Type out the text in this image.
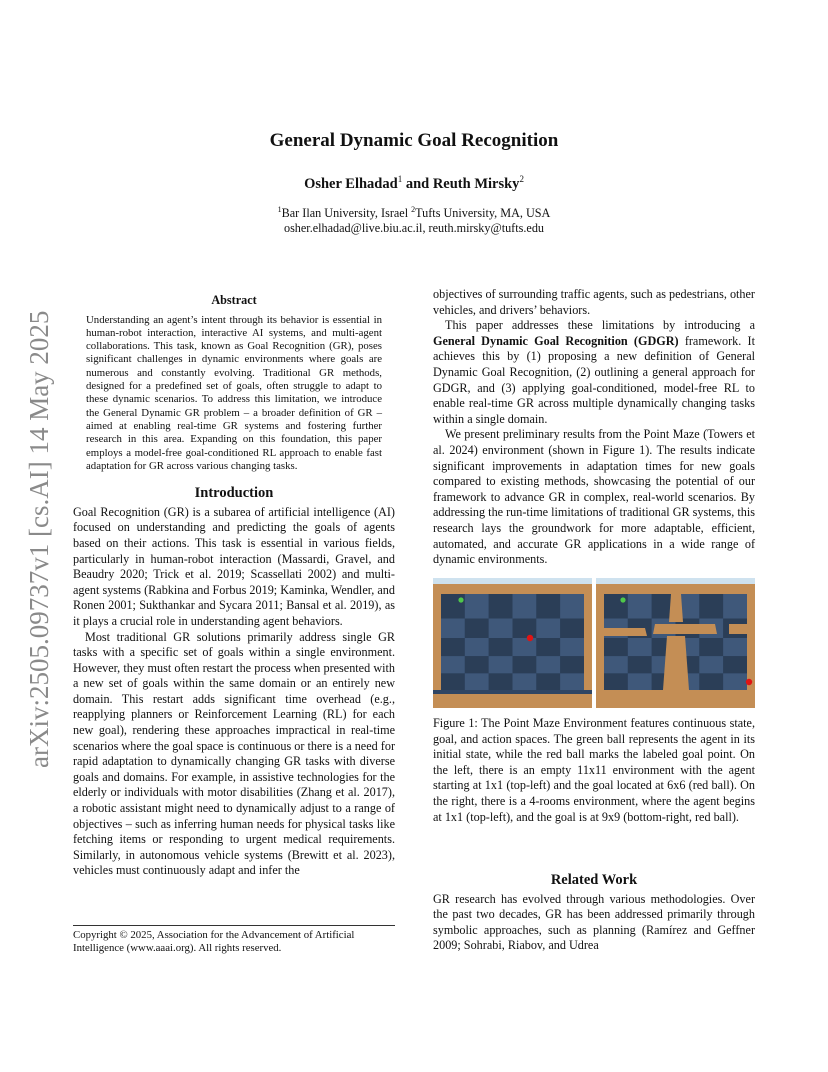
arXiv:2505.09737v1 [cs.AI] 14 May 2025
General Dynamic Goal Recognition
Osher Elhadad$^1$ and Reuth Mirsky$^2$
$^1$Bar Ilan University, Israel $^2$Tufts University, MA, USA
osher.elhadad@live.biu.ac.il, reuth.mirsky@tufts.edu
Abstract
Understanding an agent’s intent through its behavior is essential in human-robot interaction, interactive AI systems, and multi-agent collaborations. This task, known as Goal Recognition (GR), poses significant challenges in dynamic environments where goals are numerous and constantly evolving. Traditional GR methods, designed for a predefined set of goals, often struggle to adapt to these dynamic scenarios. To address this limitation, we introduce the General Dynamic GR problem – a broader definition of GR – aimed at enabling real-time GR systems and fostering further research in this area. Expanding on this foundation, this paper employs a model-free goal-conditioned RL approach to enable fast adaptation for GR across various changing tasks.
Introduction

Goal Recognition (GR) is a subarea of artificial intelligence (AI) focused on understanding and predicting the goals of agents based on their actions. This task is essential in various fields, particularly in human-robot interaction (Massardi, Gravel, and Beaudry 2020; Trick et al. 2019; Scassellati 2002) and multi-agent systems (Rabkina and Forbus 2019; Kaminka, Wendler, and Ronen 2001; Sukthankar and Sycara 2011; Bansal et al. 2019), as it plays a crucial role in understanding agent behaviors.

Most traditional GR solutions primarily address single GR tasks with a specific set of goals within a single environment. However, they must often restart the process when presented with a new set of goals within the same domain or an entirely new domain. This restart adds significant time overhead (e.g., reapplying planners or Reinforcement Learning (RL) for each new goal), rendering these approaches impractical in real-time scenarios where the goal space is continuous or there is a need for rapid adaptation to dynamically changing GR tasks with diverse goals and domains. For example, in assistive technologies for the elderly or individuals with motor disabilities (Zhang et al. 2017), a robotic assistant might need to dynamically adjust to a range of objectives – such as inferring human needs for physical tasks like fetching items or responding to urgent medical requirements. Similarly, in autonomous vehicle systems (Brewitt et al. 2023), vehicles must continuously adapt and infer the

Copyright © 2025, Association for the Advancement of Artificial Intelligence (www.aaai.org). All rights reserved.

objectives of surrounding traffic agents, such as pedestrians, other vehicles, and drivers’ behaviors.

This paper addresses these limitations by introducing a General Dynamic Goal Recognition (GDGR) framework. It achieves this by (1) proposing a new definition of General Dynamic Goal Recognition, (2) outlining a general approach for GDGR, and (3) applying goal-conditioned, model-free RL to enable real-time GR across multiple dynamically changing tasks within a single domain.

We present preliminary results from the Point Maze (Towers et al. 2024) environment (shown in Figure 1). The results indicate significant improvements in adaptation times for new goals compared to existing methods, showcasing the potential of our framework to advance GR in complex, real-world scenarios. By addressing the run-time limitations of traditional GR systems, this research lays the groundwork for more adaptable, efficient, automated, and accurate GR applications in a wide range of dynamic environments.

Figure 1: The Point Maze Environment features continuous state, goal, and action spaces. The green ball represents the agent in its initial state, while the red ball marks the labeled goal point. On the left, there is an empty 11x11 environment with the agent starting at 1x1 (top-left) and the goal located at 6x6 (red ball). On the right, there is a 4-rooms environment, where the agent begins at 1x1 (top-left), and the goal is at 9x9 (bottom-right, red ball).
Related Work

GR research has evolved through various methodologies. Over the past two decades, GR has been addressed primarily through symbolic approaches, such as planning (Ramírez and Geffner 2009; Sohrabi, Riabov, and Udrea
